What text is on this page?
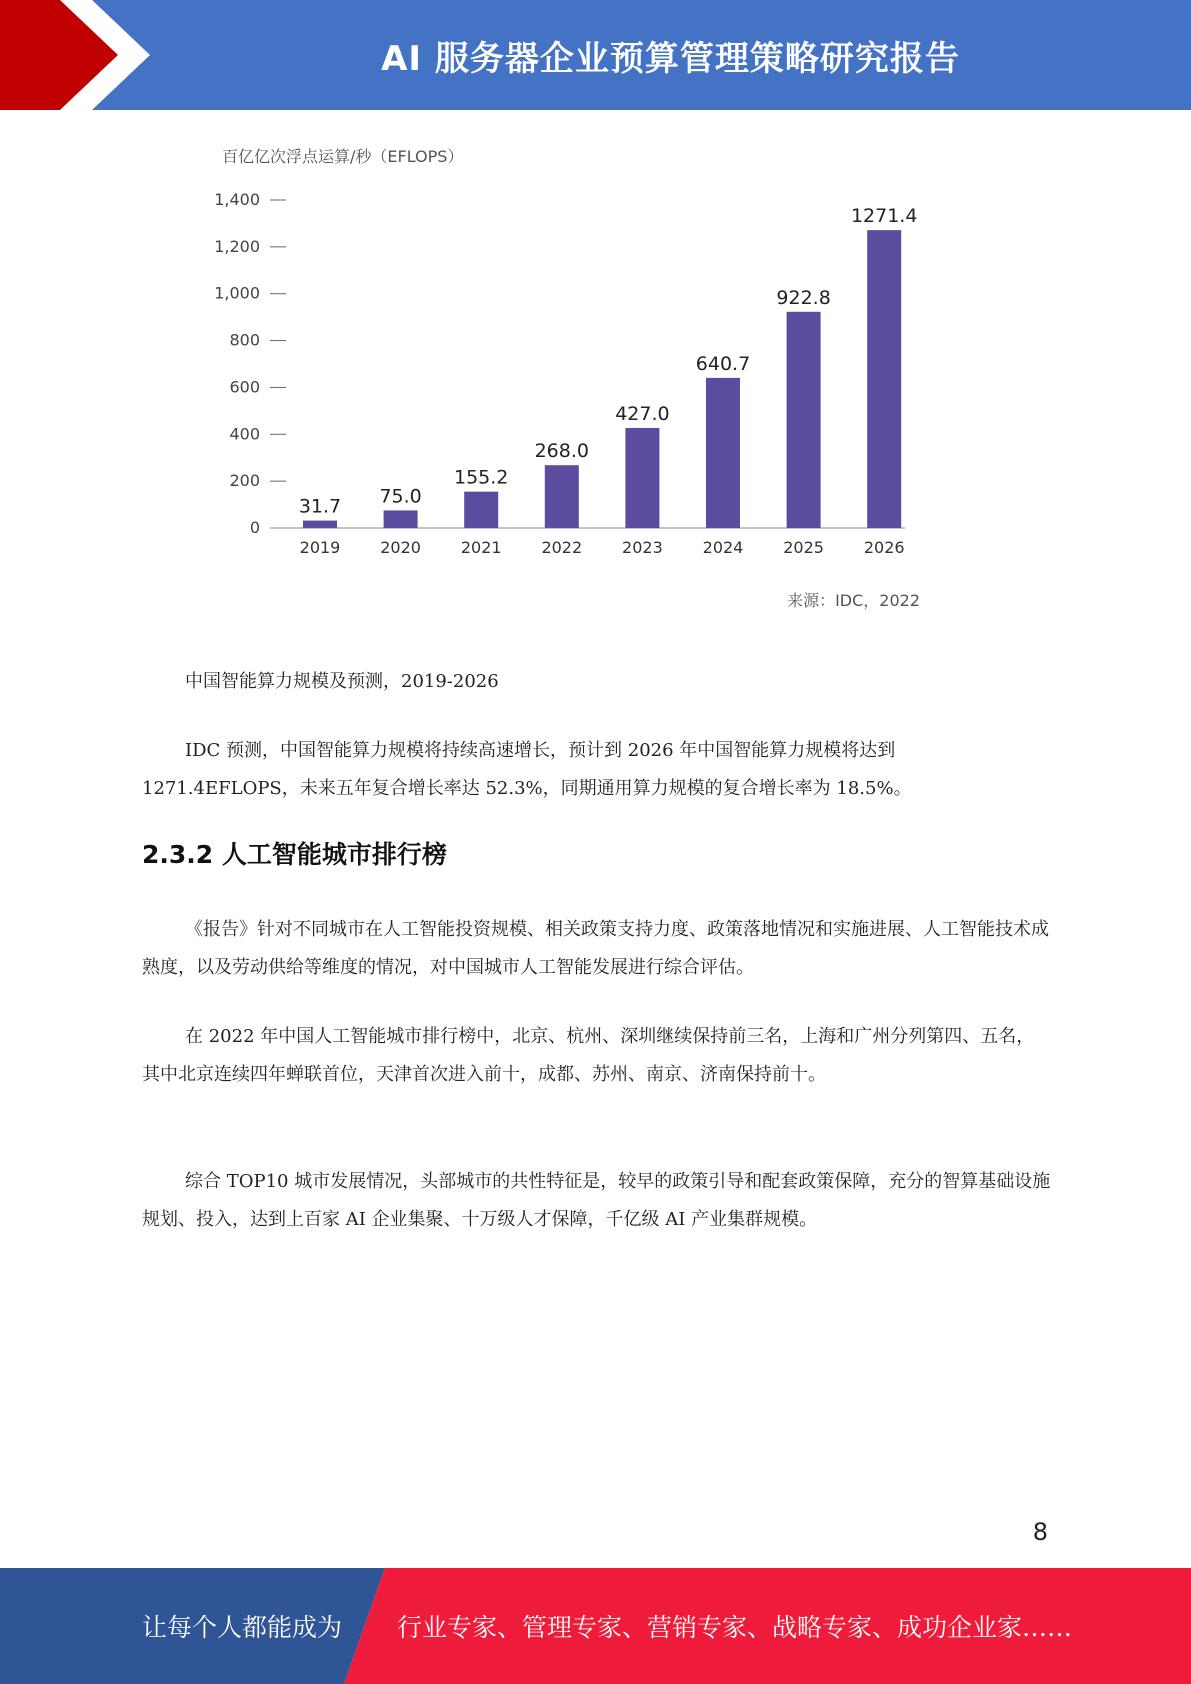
AI 服务器企业预算管理策略研究报告
百亿亿次浮点运算/秒（EFLOPS）
来源：IDC，2022
0
200
400
600
800
1,000
1,200
1,400
31.7 75.0
155.2
268.0
427.0
640.7
922.8
1271.4
2019 2020 2021 2022 2023 2024 2025 2026
中国智能算力规模及预测，2019-2026

IDC 预测，中国智能算力规模将持续高速增长，预计到 2026 年中国智能算力规模将达到 1271.4EFLOPS，未来五年复合增长率达 52.3%，同期通用算力规模的复合增长率为 18.5%。

2.3.2 人工智能城市排行榜

《报告》针对不同城市在人工智能投资规模、相关政策支持力度、政策落地情况和实施进展、人工智能技术成熟度，以及劳动供给等维度的情况，对中国城市人工智能发展进行综合评估。

在 2022 年中国人工智能城市排行榜中，北京、杭州、深圳继续保持前三名，上海和广州分列第四、五名，其中北京连续四年蝉联首位，天津首次进入前十，成都、苏州、南京、济南保持前十。

综合 TOP10 城市发展情况，头部城市的共性特征是，较早的政策引导和配套政策保障，充分的智算基础设施规划、投入，达到上百家 AI 企业集聚、十万级人才保障，千亿级 AI 产业集群规模。

8
让每个人都能成为 行业专家、管理专家、营销专家、战略专家、成功企业家……
